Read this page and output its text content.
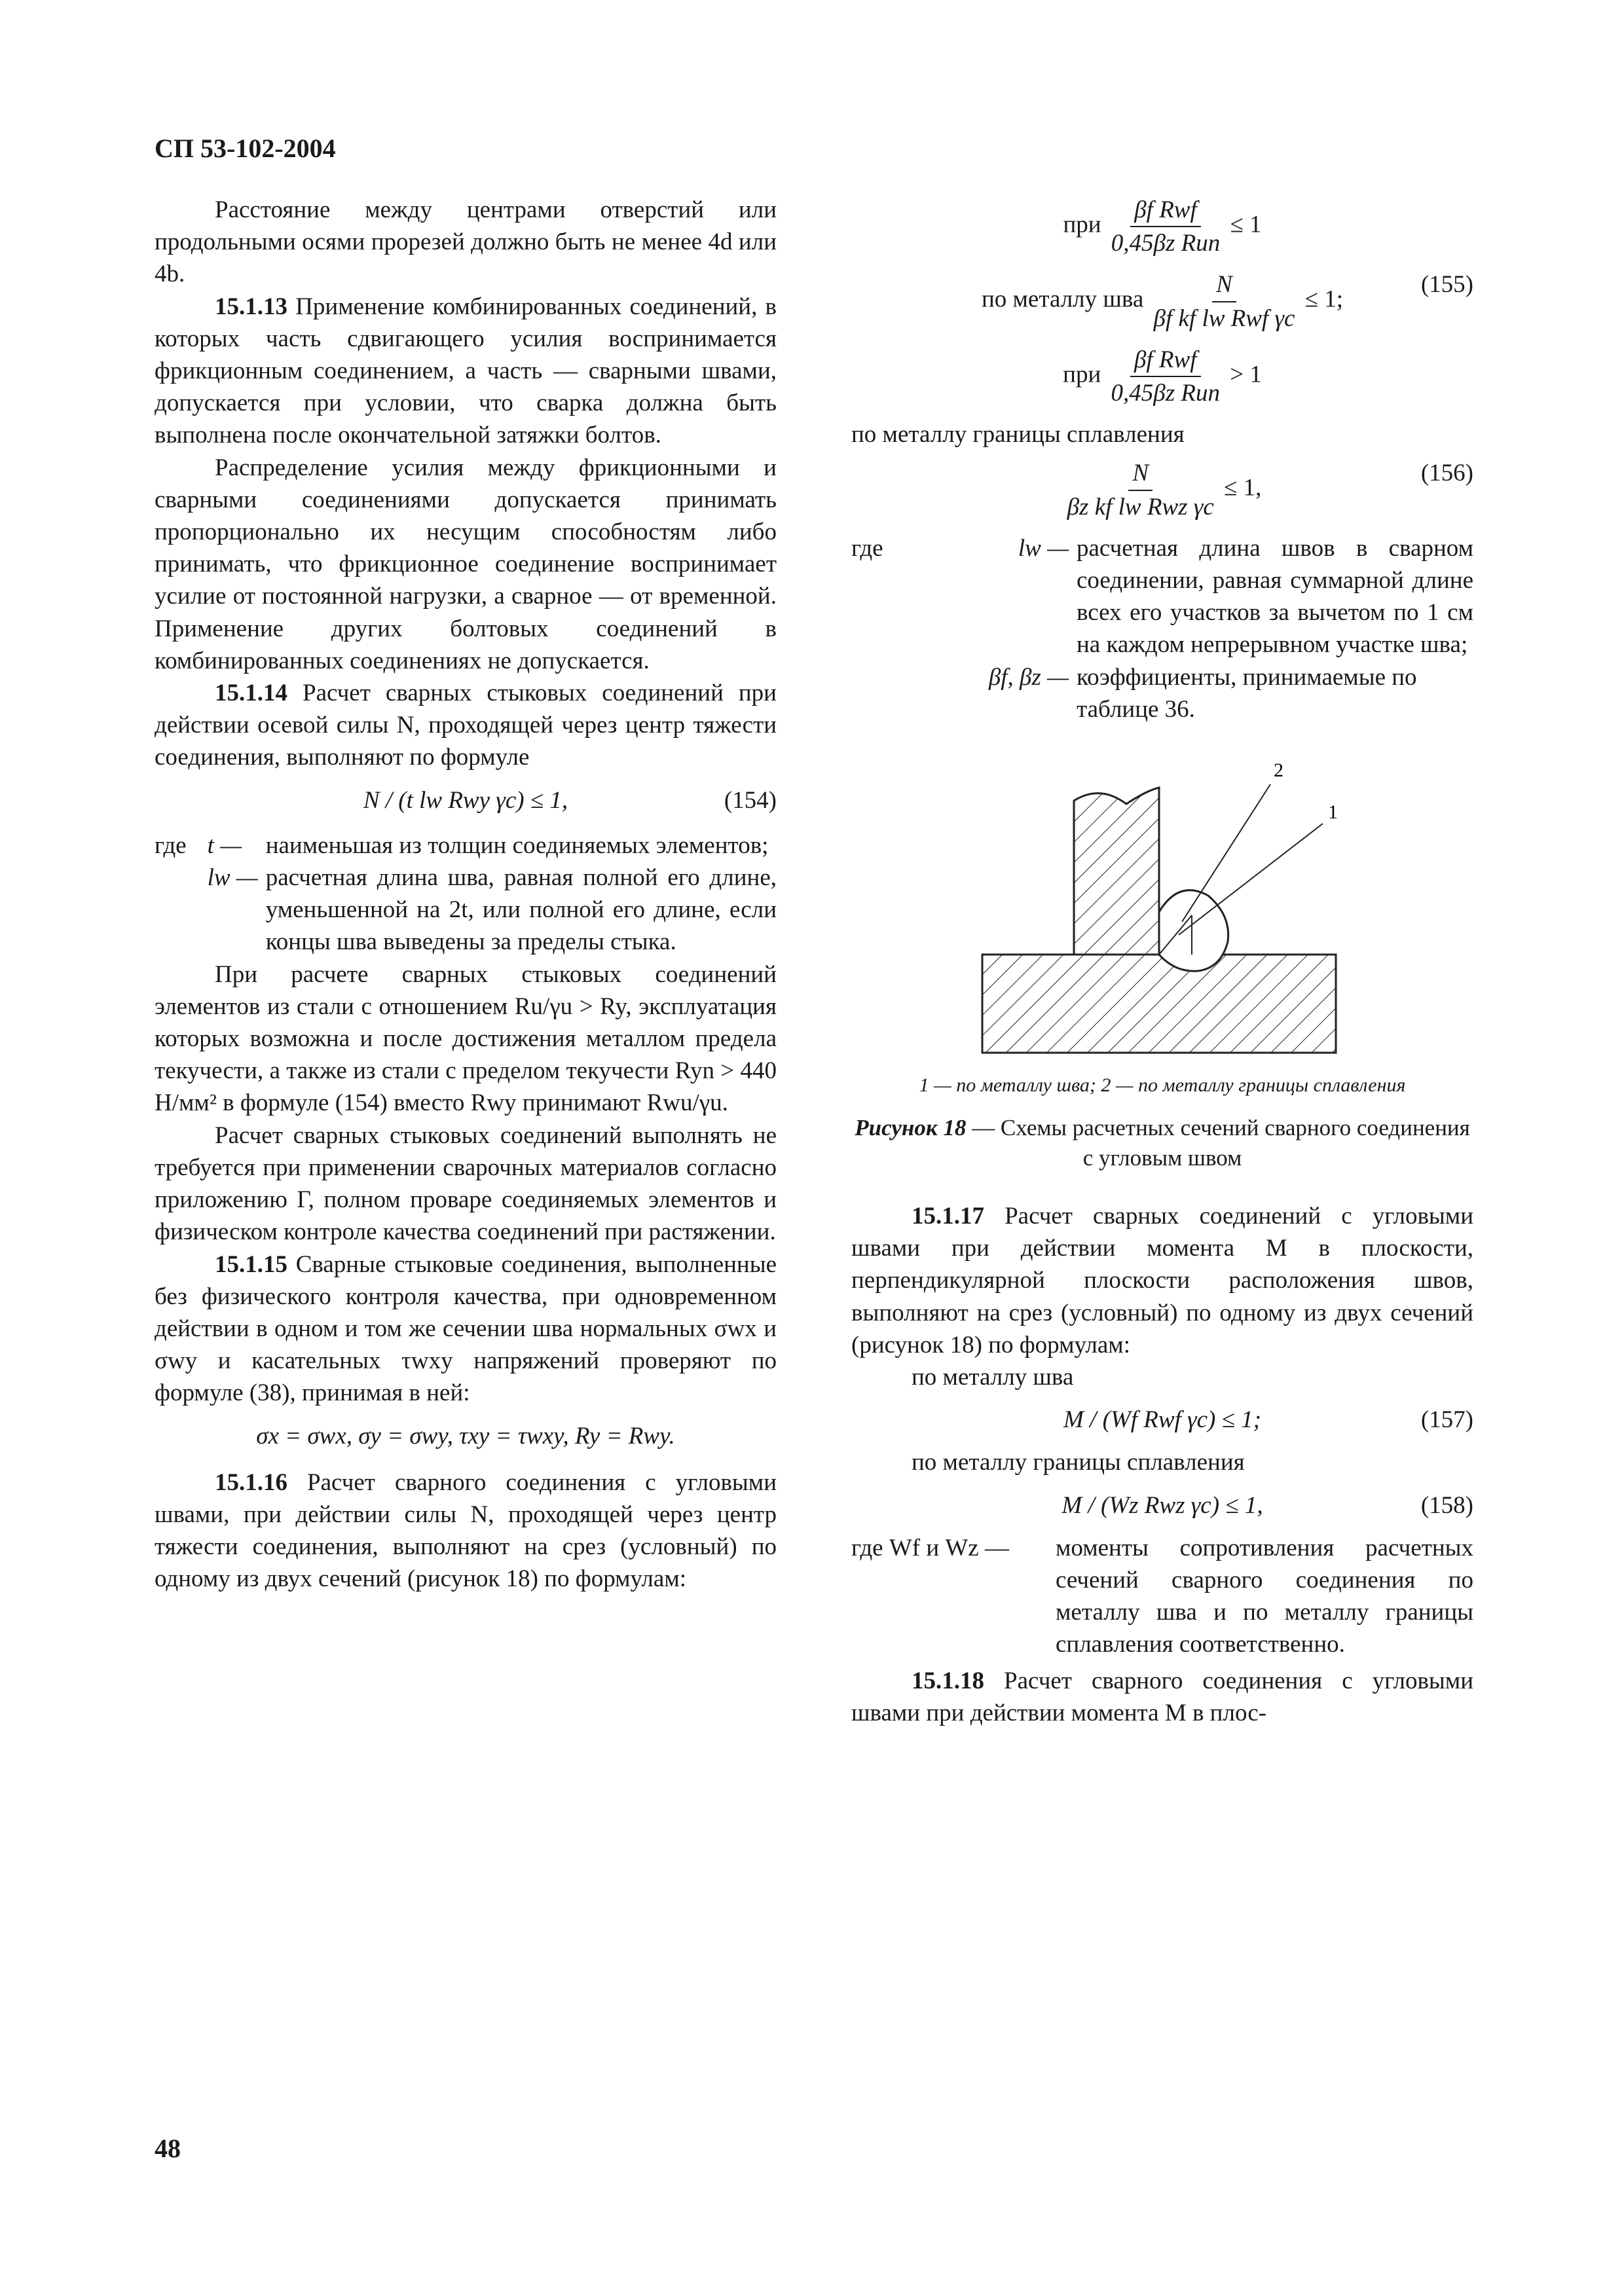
СП 53-102-2004

Расстояние между центрами отверстий или продольными осями прорезей должно быть не менее 4d или 4b.

15.1.13 Применение комбинированных соединений, в которых часть сдвигающего усилия воспринимается фрикционным соединением, а часть — сварными швами, допускается при условии, что сварка должна быть выполнена после окончательной затяжки болтов.

Распределение усилия между фрикционными и сварными соединениями допускается принимать пропорционально их несущим способностям либо принимать, что фрикционное соединение воспринимает усилие от постоянной нагрузки, а сварное — от временной. Применение других болтовых соединений в комбинированных соединениях не допускается.

15.1.14 Расчет сварных стыковых соединений при действии осевой силы N, проходящей через центр тяжести соединения, выполняют по формуле

N / (t lw Rwy γc) ≤ 1,	(154)
где t — наименьшая из толщин соединяемых элементов;
lw — расчетная длина шва, равная полной его длине, уменьшенной на 2t, или полной его длине, если концы шва выведены за пределы стыка.

При расчете сварных стыковых соединений элементов из стали с отношением Ru/γu > Ry, эксплуатация которых возможна и после достижения металлом предела текучести, а также из стали с пределом текучести Ryn > 440 Н/мм² в формуле (154) вместо Rwy принимают Rwu/γu.

Расчет сварных стыковых соединений выполнять не требуется при применении сварочных материалов согласно приложению Г, полном проваре соединяемых элементов и физическом контроле качества соединений при растяжении.

15.1.15 Сварные стыковые соединения, выполненные без физического контроля качества, при одновременном действии в одном и том же сечении шва нормальных σwx и σwy и касательных τwxy напряжений проверяют по формуле (38), принимая в ней:

σx = σwx, σy = σwy, τxy = τwxy, Ry = Rwy.

15.1.16 Расчет сварного соединения с угловыми швами, при действии силы N, проходящей через центр тяжести соединения, выполняют на срез (условный) по одному из двух сечений (рисунок 18) по формулам:

при $\frac{\text{βf Rwf}}{\text{0,45βz Run}} \le 1$
по металлу шва $\frac{N}{\text{βf kf lw Rwf γc}} \le 1$;
(155)
при $\frac{\text{βf Rwf}}{\text{0,45βz Run}} > 1$

по металлу границы сплавления

$\frac{N}{\text{βz kf lw Rwz γc}} \le 1$,
(156)
где	lw — расчетная длина швов в сварном соединении, равная суммарной длине всех его участков за вычетом по 1 см на каждом непрерывном участке шва;
βf, βz — коэффициенты, принимаемые по таблице 36.
2
1

1 — по металлу шва; 2 — по металлу границы сплавления

Рисунок 18 — Схемы расчетных сечений сварного соединения с угловым швом

15.1.17 Расчет сварных соединений с угловыми швами при действии момента M в плоскости, перпендикулярной плоскости расположения швов, выполняют на срез (условный) по одному из двух сечений (рисунок 18) по формулам:

по металлу шва

M / (Wf Rwf γc) ≤ 1;	(157)

по металлу границы сплавления

M / (Wz Rwz γc) ≤ 1,	(158)
где Wf и Wz —	моменты сопротивления расчетных сечений сварного соединения по металлу шва и по металлу границы сплавления соответственно.

15.1.18 Расчет сварного соединения с угловыми швами при действии момента M в плос-

48
